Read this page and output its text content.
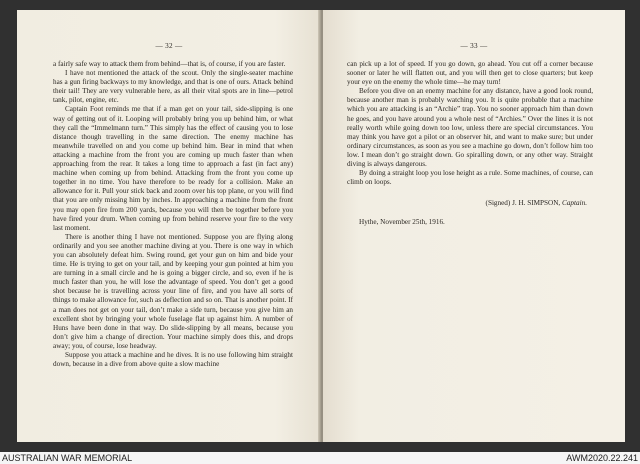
— 32 —

a fairly safe way to attack them from behind—that is, of course, if you are faster.

I have not mentioned the attack of the scout. Only the single-seater machine has a gun firing backways to my knowledge, and that is one of ours. Attack behind their tail! They are very vulnerable here, as all their vital spots are in line—petrol tank, pilot, engine, etc.

Captain Foot reminds me that if a man get on your tail, side-slipping is one way of getting out of it. Looping will probably bring you up behind him, or what they call the “Immelmann turn.” This simply has the effect of causing you to lose distance though travelling in the same direction. The enemy machine has meanwhile travelled on and you come up behind him. Bear in mind that when attacking a machine from the front you are coming up much faster than when approaching from the rear. It takes a long time to approach a fast (in fact any) machine when coming up from behind. Attacking from the front you come up together in no time. You have therefore to be ready for a collision. Make an allowance for it. Pull your stick back and zoom over his top plane, or you will find that you are only missing him by inches. In approaching a machine from the front you may open fire from 200 yards, because you will then be together before you have fired your drum. When coming up from behind reserve your fire to the very last moment.

There is another thing I have not mentioned. Suppose you are flying along ordinarily and you see another machine diving at you. There is one way in which you can absolutely defeat him. Swing round, get your gun on him and bide your time. He is trying to get on your tail, and by keeping your gun pointed at him you are turning in a small circle and he is going a bigger circle, and so, even if he is much faster than you, he will lose the advantage of speed. You don’t get a good shot because he is travelling across your line of fire, and you have all sorts of things to make allowance for, such as deflection and so on. That is another point. If a man does not get on your tail, don’t make a side turn, because you give him an excellent shot by bringing your whole fuselage flat up against him. A number of Huns have been done in that way. Do slide-slipping by all means, because you don’t give him a change of direction. Your machine simply does this, and drops away; you, of course, lose headway.

Suppose you attack a machine and he dives. It is no use following him straight down, because in a dive from above quite a slow machine

— 33 —

can pick up a lot of speed. If you go down, go ahead. You cut off a corner because sooner or later he will flatten out, and you will then get to close quarters; but keep your eye on the enemy the whole time—he may turn!

Before you dive on an enemy machine for any distance, have a good look round, because another man is probably watching you. It is quite probable that a machine which you are attacking is an “Archie” trap. You no sooner approach him than down he goes, and you have around you a whole nest of “Archies.” Over the lines it is not really worth while going down too low, unless there are special circumstances. You may think you have got a pilot or an observer hit, and want to make sure; but under ordinary circumstances, as soon as you see a machine go down, don’t follow him too low. I mean don’t go straight down. Go spiralling down, or any other way. Straight diving is always dangerous.

By doing a straight loop you lose height as a rule. Some machines, of course, can climb on loops.

(Signed) J. H. SIMPSON, Captain.

Hythe, November 25th, 1916.

AUSTRALIAN WAR MEMORIAL	AWM2020.22.241
